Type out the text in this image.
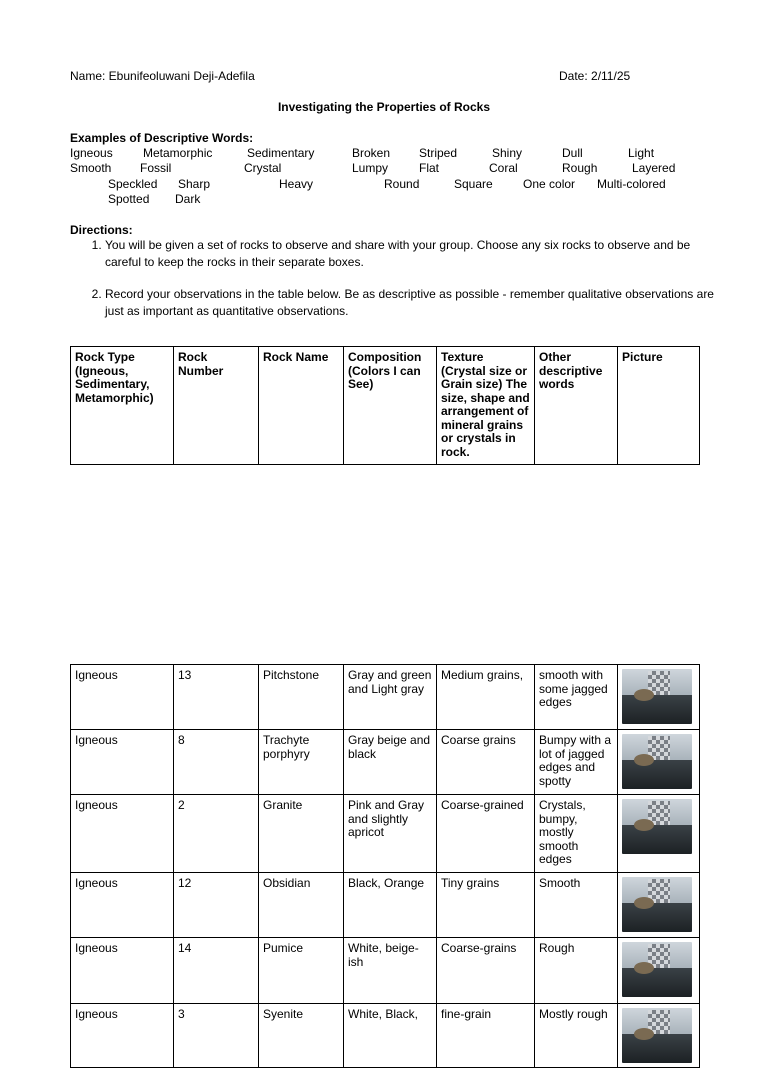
Name: Ebunifeoluwani Deji-Adefila	Date: 2/11/25
Investigating the Properties of Rocks
Examples of Descriptive Words:
Igneous	Metamorphic	Sedimentary	Broken Striped	Shiny	Dull	Light
Smooth Fossil	Crystal	Lumpy	Flat	Coral	Rough	Layered
Speckled Sharp	Heavy	Round	Square	One color Multi-colored
Spotted Dark
Directions:
1. You will be given a set of rocks to observe and share with your group. Choose any six rocks to observe and be careful to keep the rocks in their separate boxes.
2. Record your observations in the table below. Be as descriptive as possible - remember qualitative observations are just as important as quantitative observations.
Rock Type (Igneous, Sedimentary, Metamorphic)	Rock Number	Rock Name	Composition (Colors I can See)	Texture (Crystal size or Grain size) The size, shape and arrangement of mineral grains or crystals in rock.	Other descriptive words	Picture
Igneous	13	Pitchstone	Gray and green and Light gray	Medium grains,	smooth with some jagged edges	

Igneous	8	Trachyte porphyry	Gray beige and black	Coarse grains	Bumpy with a lot of jagged edges and spotty	

Igneous	2	Granite	Pink and Gray and slightly apricot	Coarse-grained	Crystals, bumpy, mostly smooth edges	

Igneous	12	Obsidian	Black, Orange	Tiny grains	Smooth	

Igneous	14	Pumice	White, beige-ish	Coarse-grains	Rough	

Igneous	3	Syenite	White, Black,	fine-grain	Mostly rough	
